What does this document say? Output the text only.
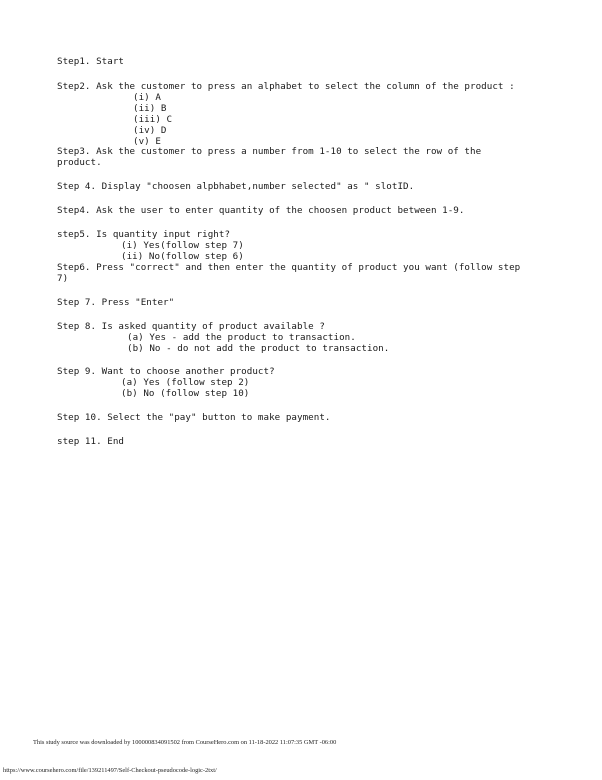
Step1. Start
Step2. Ask the customer to press an alphabet to select the column of the product :
(i) A
(ii) B
(iii) C
(iv) D
(v) E
Step3. Ask the customer to press a number from 1-10 to select the row of the
product.
Step 4. Display "choosen alpbhabet,number selected" as " slotID.
Step4. Ask the user to enter quantity of the choosen product between 1-9.
step5. Is quantity input right?
(i) Yes(follow step 7)
(ii) No(follow step 6)
Step6. Press "correct" and then enter the quantity of product you want (follow step
7)
Step 7. Press "Enter"
Step 8. Is asked quantity of product available ?
(a) Yes - add the product to transaction.
(b) No - do not add the product to transaction.
Step 9. Want to choose another product?
(a) Yes (follow step 2)
(b) No (follow step 10)
Step 10. Select the "pay" button to make payment.
step 11. End
This study source was downloaded by 100000834091502 from CourseHero.com on 11-18-2022 11:07:35 GMT -06:00
https://www.coursehero.com/file/139211497/Self-Checkout-pseudocode-logic-2txt/
